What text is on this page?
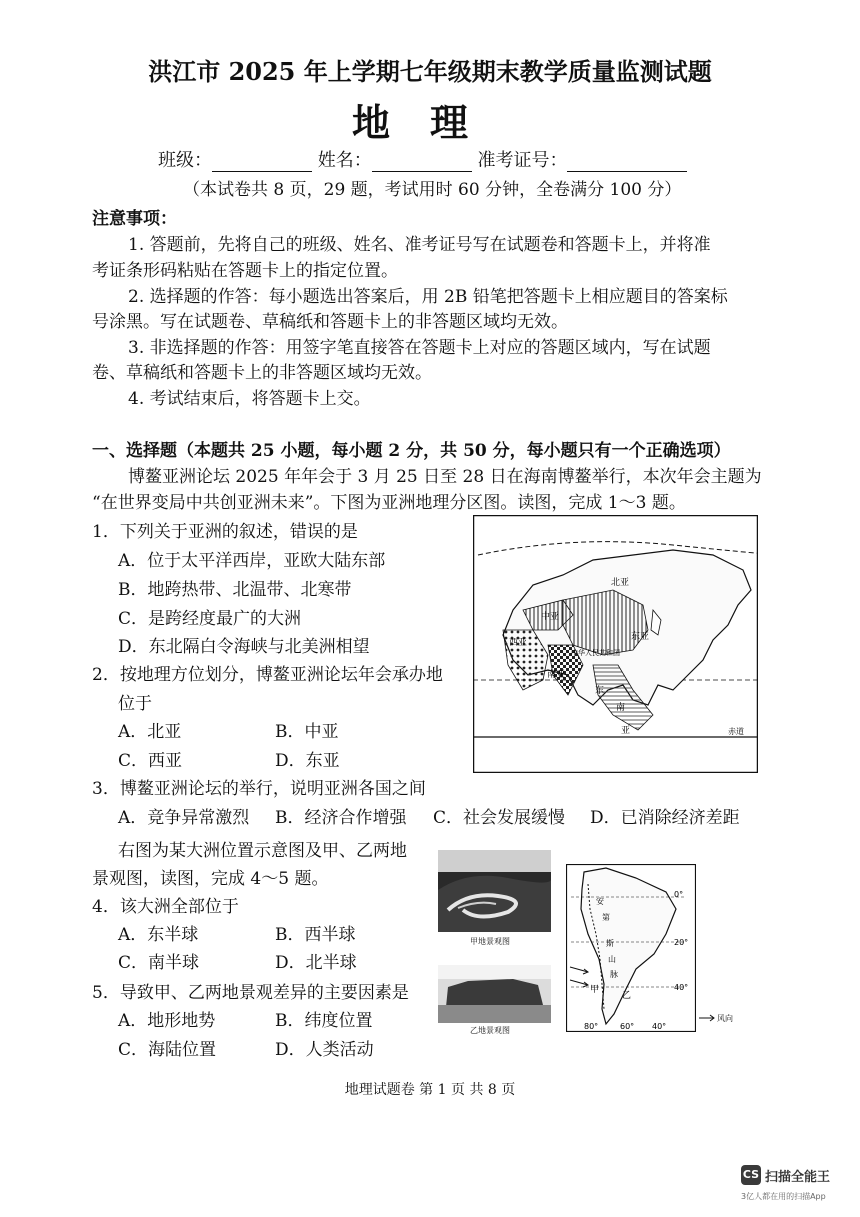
洪江市 2025 年上学期七年级期末教学质量监测试题
地理
班级：	姓名：	准考证号：
（本试卷共 8 页，29 题，考试用时 60 分钟，全卷满分 100 分）
注意事项：
1. 答题前，先将自己的班级、姓名、准考证号写在试题卷和答题卡上，并将准
考证条形码粘贴在答题卡上的指定位置。
2. 选择题的作答：每小题选出答案后，用 2B 铅笔把答题卡上相应题目的答案标
号涂黑。写在试题卷、草稿纸和答题卡上的非答题区域均无效。
3. 非选择题的作答：用签字笔直接答在答题卡上对应的答题区域内，写在试题
卷、草稿纸和答题卡上的非答题区域均无效。
4. 考试结束后，将答题卡上交。
一、选择题（本题共 25 小题，每小题 2 分，共 50 分，每小题只有一个正确选项）
博鳌亚洲论坛 2025 年年会于 3 月 25 日至 28 日在海南博鳌举行，本次年会主题为
“在世界变局中共创亚洲未来”。下图为亚洲地理分区图。读图，完成 1～3 题。
1．下列关于亚洲的叙述，错误的是
A．位于太平洋西岸，亚欧大陆东部
B．地跨热带、北温带、北寒带
C．是跨经度最广的大洲
D．东北隔白令海峡与北美洲相望
2．按地理方位划分，博鳌亚洲论坛年会承办地
位于
A．北亚	B．中亚
C．西亚	D．东亚
北亚
中亚
西亚
东亚
中华人民共和国
南亚
东
南
亚	赤道
3．博鳌亚洲论坛的举行，说明亚洲各国之间
A．竞争异常激烈 B．经济合作增强 C．社会发展缓慢 D．已消除经济差距
右图为某大洲位置示意图及甲、乙两地
景观图，读图，完成 4～5 题。
4．该大洲全部位于
A．东半球	B．西半球
C．南半球	D．北半球
5．导致甲、乙两地景观差异的主要因素是
A．地形地势	B．纬度位置
C．海陆位置	D．人类活动
甲地景观图
乙地景观图
0°
20°
40°
安
第
斯
山
脉
甲
乙
80°	60° 40°
风向
地理试题卷 第 1 页 共 8 页
CS 扫描全能王
3亿人都在用的扫描App
